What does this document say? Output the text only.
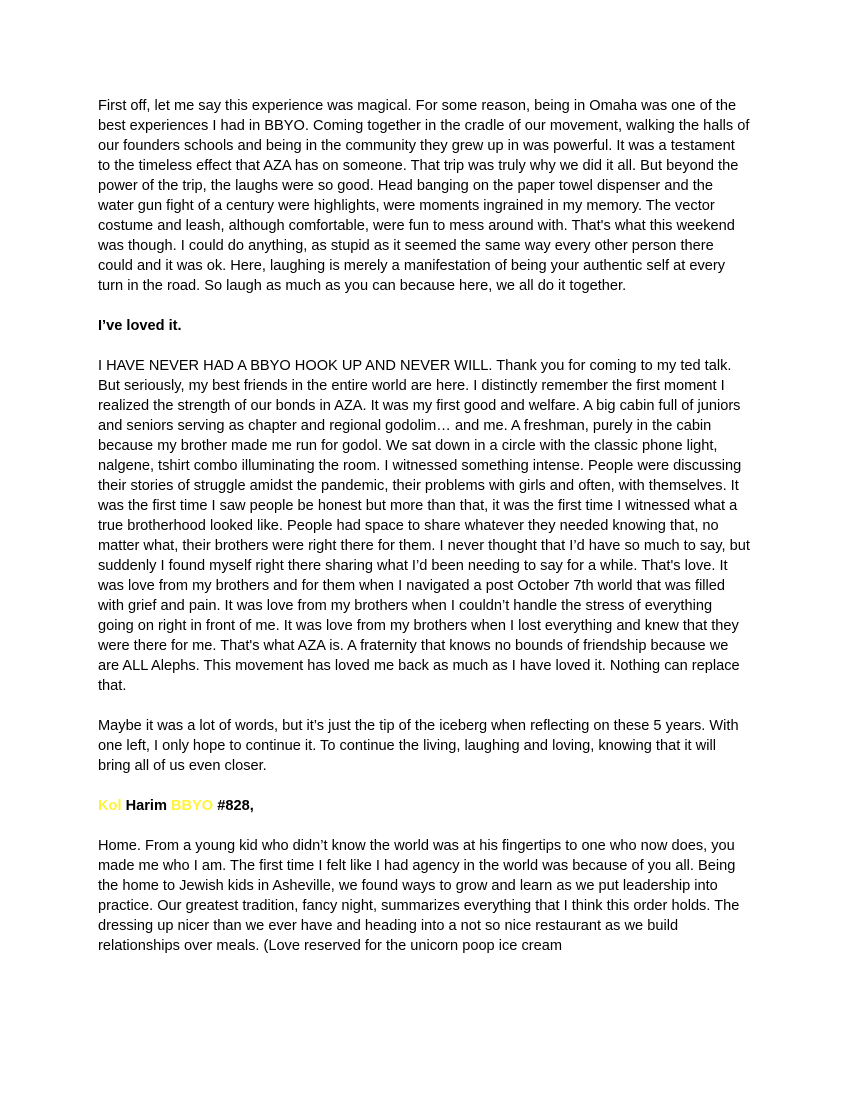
First off, let me say this experience was magical. For some reason, being in Omaha was one of the best experiences I had in BBYO. Coming together in the cradle of our movement, walking the halls of our founders schools and being in the community they grew up in was powerful. It was a testament to the timeless effect that AZA has on someone. That trip was truly why we did it all. But beyond the power of the trip, the laughs were so good. Head banging on the paper towel dispenser and the water gun fight of a century were highlights, were moments ingrained in my memory. The vector costume and leash, although comfortable, were fun to mess around with. That's what this weekend was though. I could do anything, as stupid as it seemed the same way every other person there could and it was ok. Here, laughing is merely a manifestation of being your authentic self at every turn in the road. So laugh as much as you can because here, we all do it together.

I’ve loved it.

I HAVE NEVER HAD A BBYO HOOK UP AND NEVER WILL. Thank you for coming to my ted talk. But seriously, my best friends in the entire world are here. I distinctly remember the first moment I realized the strength of our bonds in AZA. It was my first good and welfare. A big cabin full of juniors and seniors serving as chapter and regional godolim… and me. A freshman, purely in the cabin because my brother made me run for godol. We sat down in a circle with the classic phone light, nalgene, tshirt combo illuminating the room. I witnessed something intense. People were discussing their stories of struggle amidst the pandemic, their problems with girls and often, with themselves. It was the first time I saw people be honest but more than that, it was the first time I witnessed what a true brotherhood looked like. People had space to share whatever they needed knowing that, no matter what, their brothers were right there for them. I never thought that I’d have so much to say, but suddenly I found myself right there sharing what I’d been needing to say for a while. That's love. It was love from my brothers and for them when I navigated a post October 7th world that was filled with grief and pain. It was love from my brothers when I couldn’t handle the stress of everything going on right in front of me. It was love from my brothers when I lost everything and knew that they were there for me. That's what AZA is. A fraternity that knows no bounds of friendship because we are ALL Alephs. This movement has loved me back as much as I have loved it. Nothing can replace that.

Maybe it was a lot of words, but it’s just the tip of the iceberg when reflecting on these 5 years. With one left, I only hope to continue it. To continue the living, laughing and loving, knowing that it will bring all of us even closer.

Kol Harim BBYO #828,

Home. From a young kid who didn’t know the world was at his fingertips to one who now does, you made me who I am. The first time I felt like I had agency in the world was because of you all. Being the home to Jewish kids in Asheville, we found ways to grow and learn as we put leadership into practice. Our greatest tradition, fancy night, summarizes everything that I think this order holds. The dressing up nicer than we ever have and heading into a not so nice restaurant as we build relationships over meals. (Love reserved for the unicorn poop ice cream
